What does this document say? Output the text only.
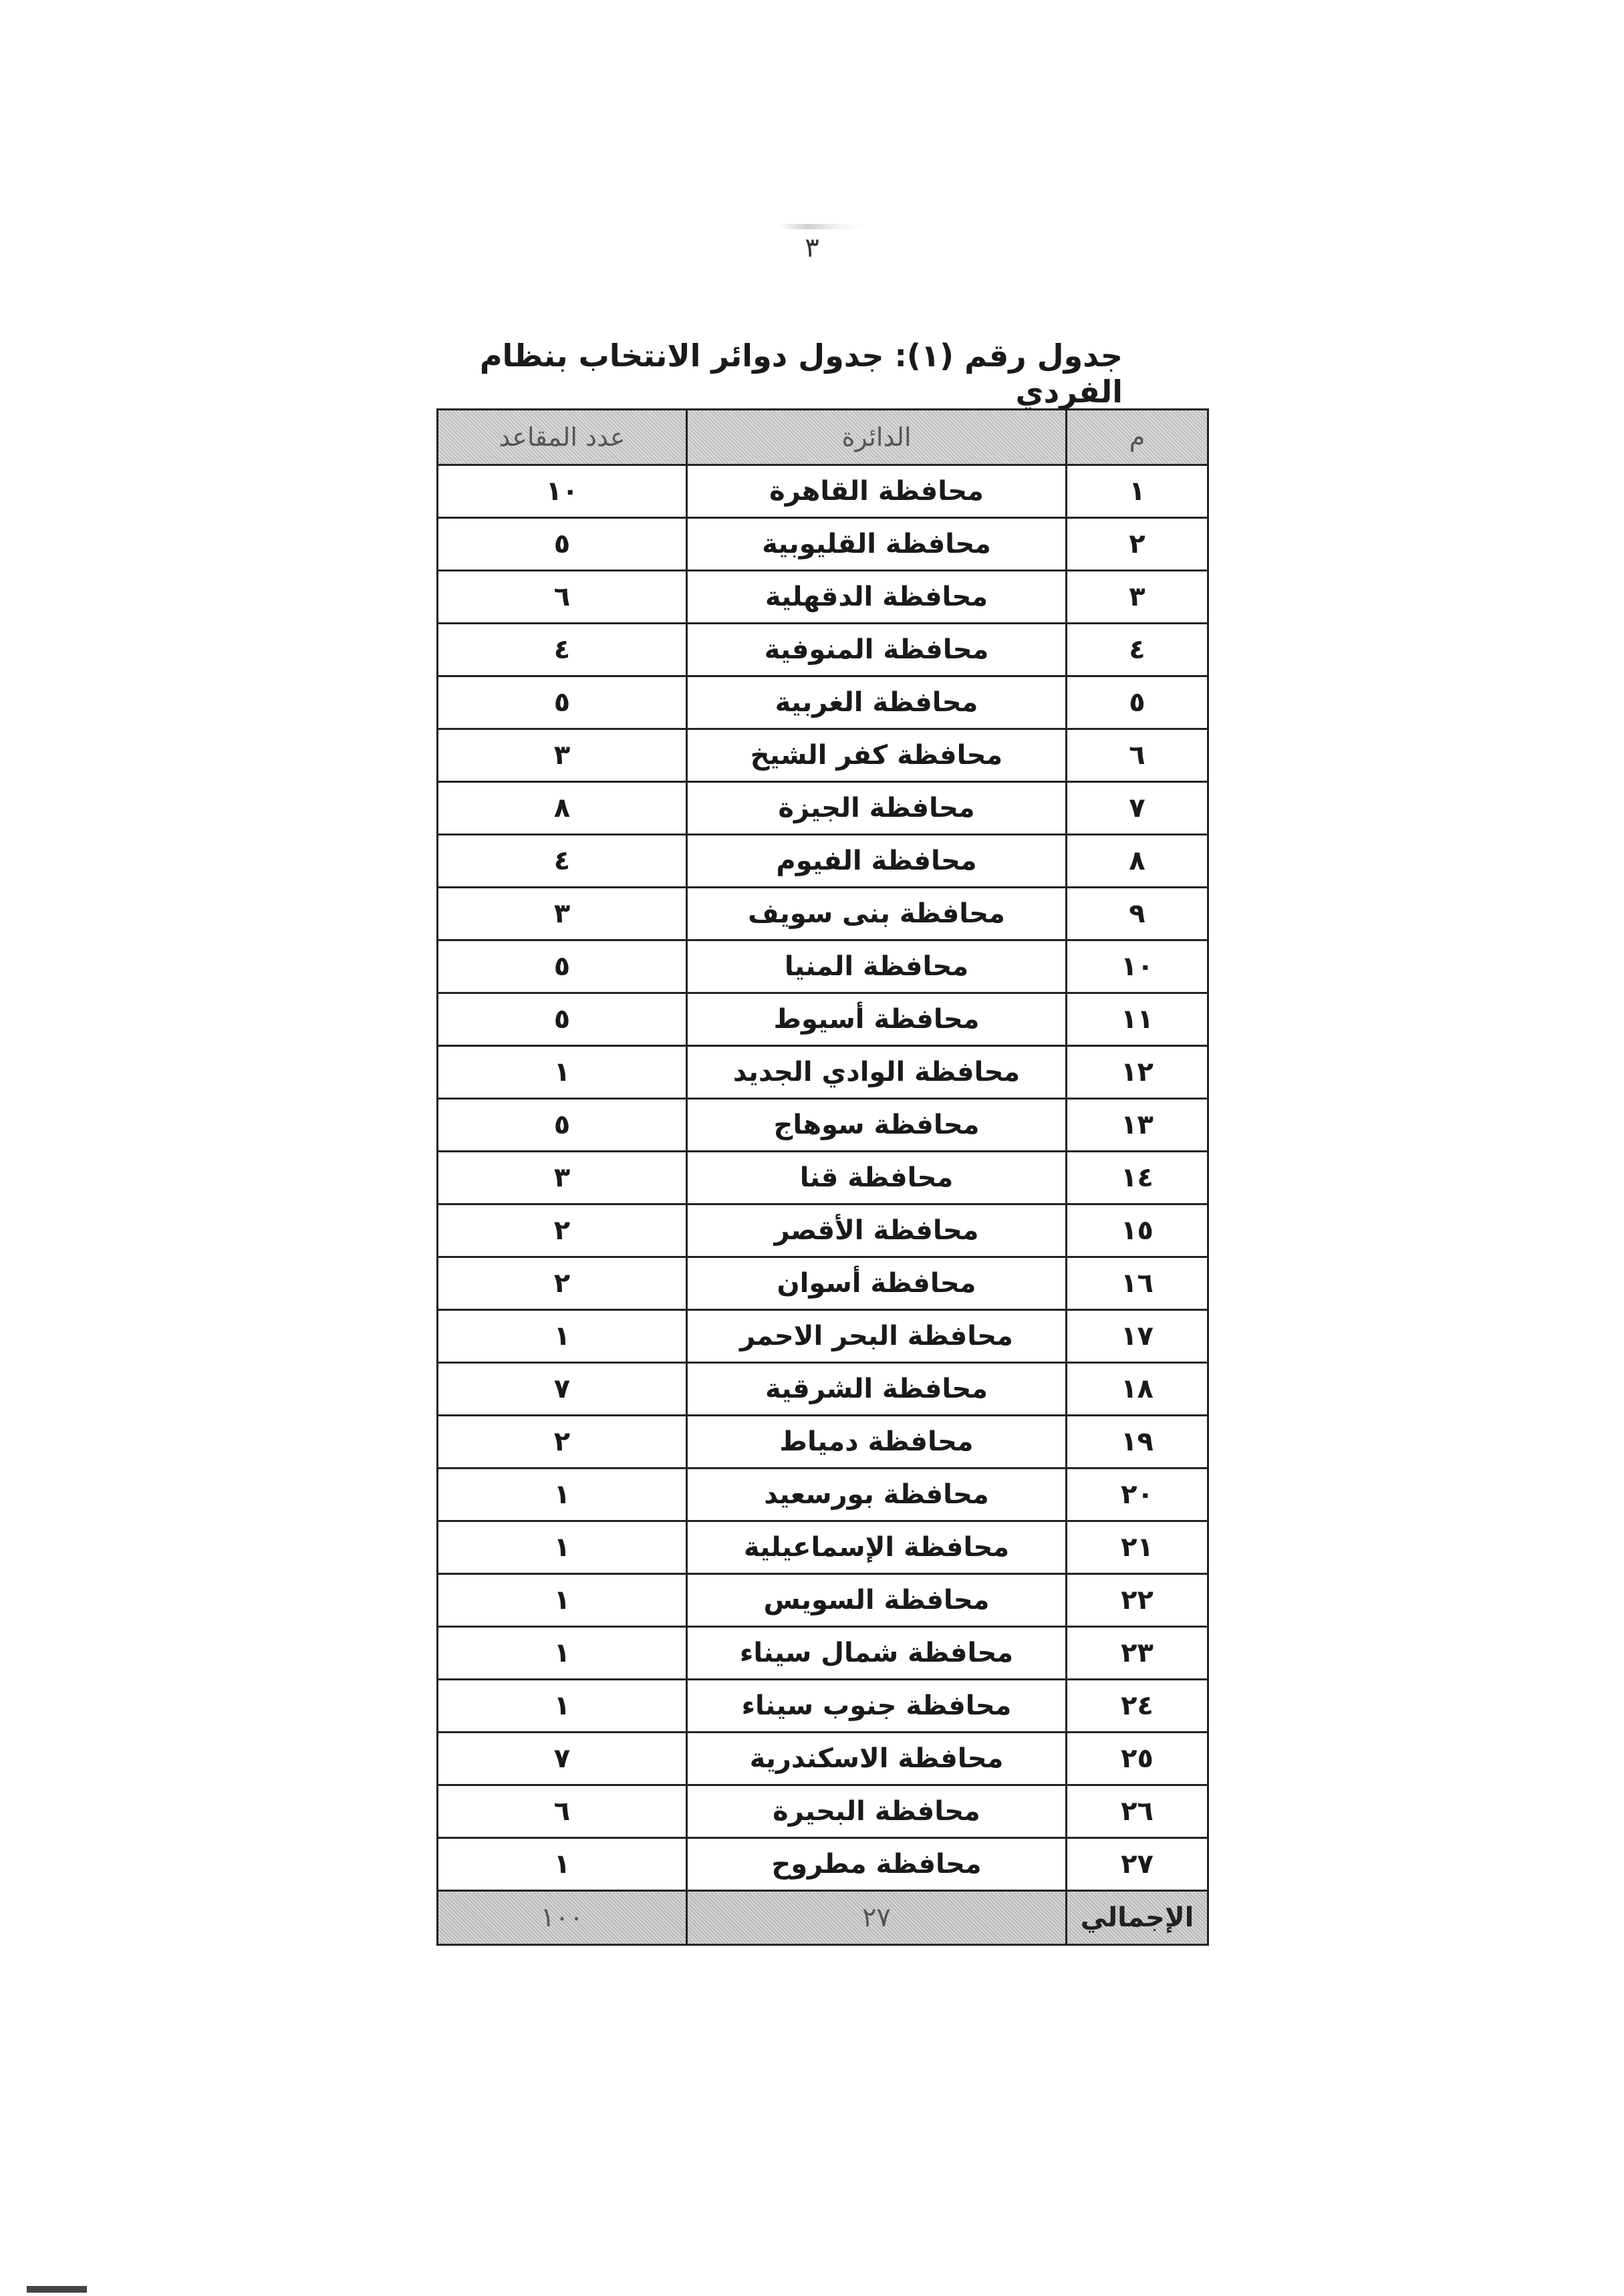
٣
جدول رقم (١): جدول دوائر الانتخاب بنظام الفردي
م	الدائرة	عدد المقاعد
١	محافظة القاهرة	١٠
٢	محافظة القليوبية	٥
٣	محافظة الدقهلية	٦
٤	محافظة المنوفية	٤
٥	محافظة الغربية	٥
٦	محافظة كفر الشيخ	٣
٧	محافظة الجيزة	٨
٨	محافظة الفيوم	٤
٩	محافظة بنى سويف	٣
١٠	محافظة المنيا	٥
١١	محافظة أسيوط	٥
١٢	محافظة الوادي الجديد	١
١٣	محافظة سوهاج	٥
١٤	محافظة قنا	٣
١٥	محافظة الأقصر	٢
١٦	محافظة أسوان	٢
١٧	محافظة البحر الاحمر	١
١٨	محافظة الشرقية	٧
١٩	محافظة دمياط	٢
٢٠	محافظة بورسعيد	١
٢١	محافظة الإسماعيلية	١
٢٢	محافظة السويس	١
٢٣	محافظة شمال سيناء	١
٢٤	محافظة جنوب سيناء	١
٢٥	محافظة الاسكندرية	٧
٢٦	محافظة البحيرة	٦
٢٧	محافظة مطروح	١
الإجمالي	٢٧	١٠٠
